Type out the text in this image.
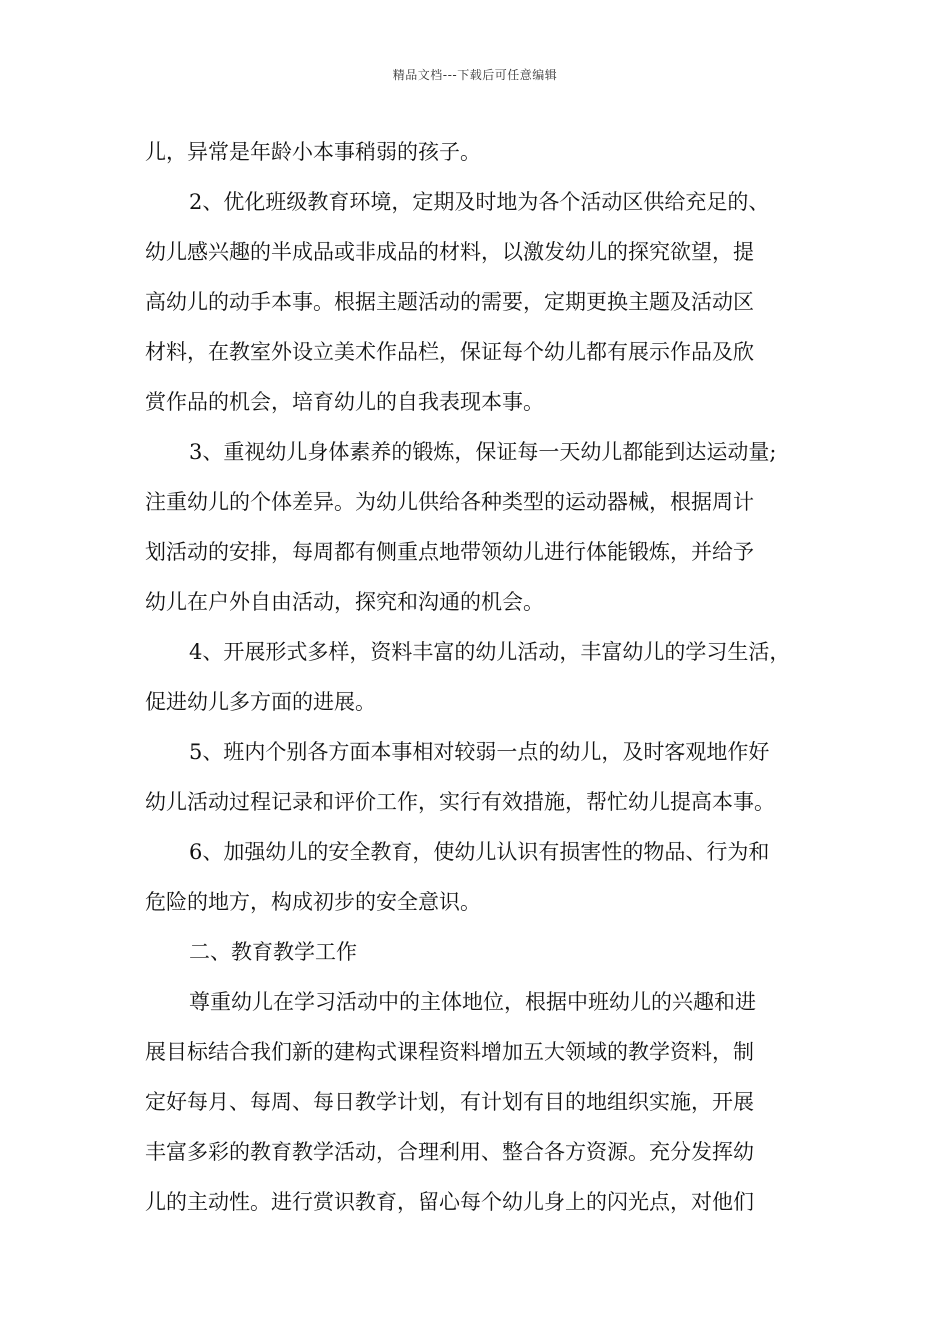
精品文档---下载后可任意编辑
儿，异常是年龄小本事稍弱的孩子。
2、优化班级教育环境，定期及时地为各个活动区供给充足的、
幼儿感兴趣的半成品或非成品的材料，以激发幼儿的探究欲望，提
高幼儿的动手本事。根据主题活动的需要，定期更换主题及活动区
材料，在教室外设立美术作品栏，保证每个幼儿都有展示作品及欣
赏作品的机会，培育幼儿的自我表现本事。
3、重视幼儿身体素养的锻炼，保证每一天幼儿都能到达运动量;
注重幼儿的个体差异。为幼儿供给各种类型的运动器械，根据周计
划活动的安排，每周都有侧重点地带领幼儿进行体能锻炼，并给予
幼儿在户外自由活动，探究和沟通的机会。
4、开展形式多样，资料丰富的幼儿活动，丰富幼儿的学习生活，
促进幼儿多方面的进展。
5、班内个别各方面本事相对较弱一点的幼儿，及时客观地作好
幼儿活动过程记录和评价工作，实行有效措施，帮忙幼儿提高本事。
6、加强幼儿的安全教育，使幼儿认识有损害性的物品、行为和
危险的地方，构成初步的安全意识。
二、教育教学工作
尊重幼儿在学习活动中的主体地位，根据中班幼儿的兴趣和进
展目标结合我们新的建构式课程资料增加五大领域的教学资料，制
定好每月、每周、每日教学计划，有计划有目的地组织实施，开展
丰富多彩的教育教学活动，合理利用、整合各方资源。充分发挥幼
儿的主动性。进行赏识教育，留心每个幼儿身上的闪光点，对他们
